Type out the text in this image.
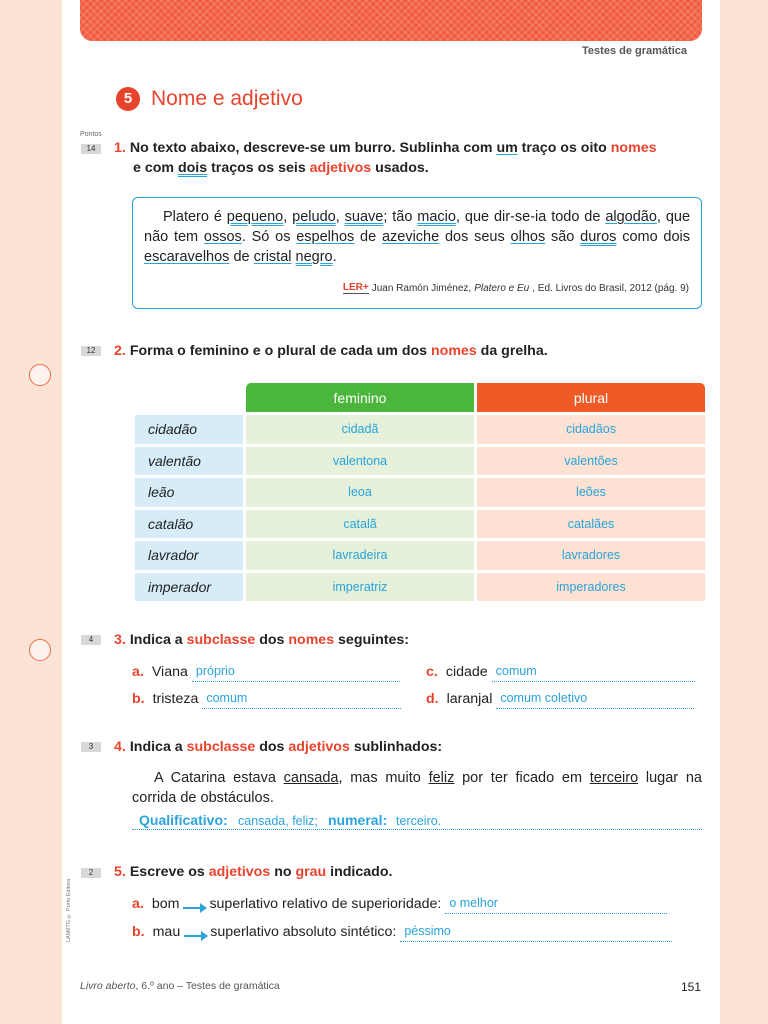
Testes de gramática
5 Nome e adjetivo
Pontos
14	1. No texto abaixo, descreve-se um burro. Sublinha com um traço os oito nomes
e com dois traços os seis adjetivos usados.

Platero é pequeno, peludo, suave; tão macio, que dir-se-ia todo de algodão, que não tem ossos. Só os espelhos de azeviche dos seus olhos são duros como dois escaravelhos de cristal negro.

LER+ Juan Ramón Jiménez, Platero e Eu , Ed. Livros do Brasil, 2012 (pág. 9)
12	2. Forma o feminino e o plural de cada um dos nomes da grelha.
	feminino	plural
cidadão	cidadã	cidadãos
valentão	valentona	valentões
leão	leoa	leões
catalão	catalã	catalães
lavrador	lavradeira	lavradores
imperador	imperatriz	imperadores
4	3. Indica a subclasse dos nomes seguintes:
a. Viana próprio
b. tristeza comum
c. cidade comum
d. laranjal comum coletivo
3	4. Indica a subclasse dos adjetivos sublinhados:

A Catarina estava cansada, mas muito feliz por ter ficado em terceiro lugar na corrida de obstáculos.

Qualificativo: cansada, feliz; numeral: terceiro.
2	5. Escreve os adjetivos no grau indicado.
a. bom superlativo relativo de superioridade: o melhor
b. mau superlativo absoluto sintético: péssimo
LAM6TG © Porto Editora
Livro aberto, 6.º ano – Testes de gramática	151
